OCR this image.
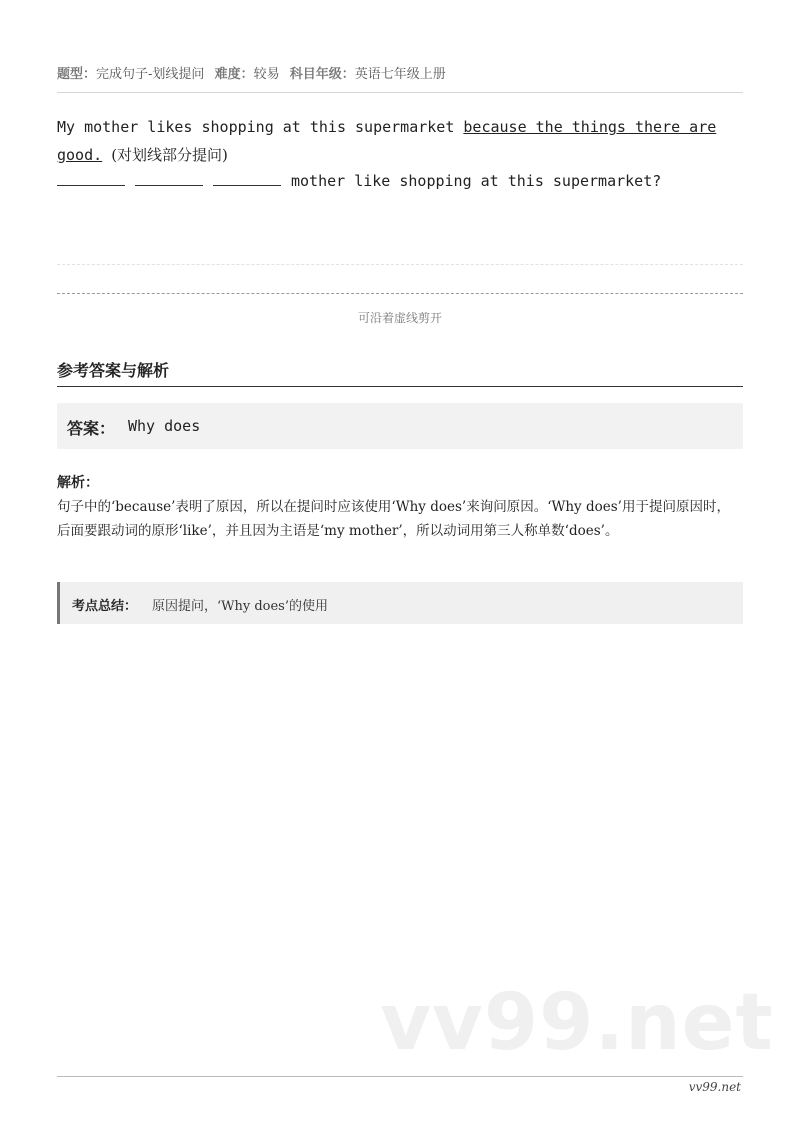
题型：完成句子-划线提问 难度：较易 科目年级：英语七年级上册
My mother likes shopping at this supermarket because the things there are good. (对划线部分提问)
mother like shopping at this supermarket?
可沿着虚线剪开
参考答案与解析
答案： Why does
解析：
句子中的‘because’表明了原因，所以在提问时应该使用‘Why does’来询问原因。‘Why does’用于提问原因时，后面要跟动词的原形‘like’，并且因为主语是‘my mother’，所以动词用第三人称单数‘does’。
考点总结： 原因提问，‘Why does’的使用
vv99.net
vv99.net
